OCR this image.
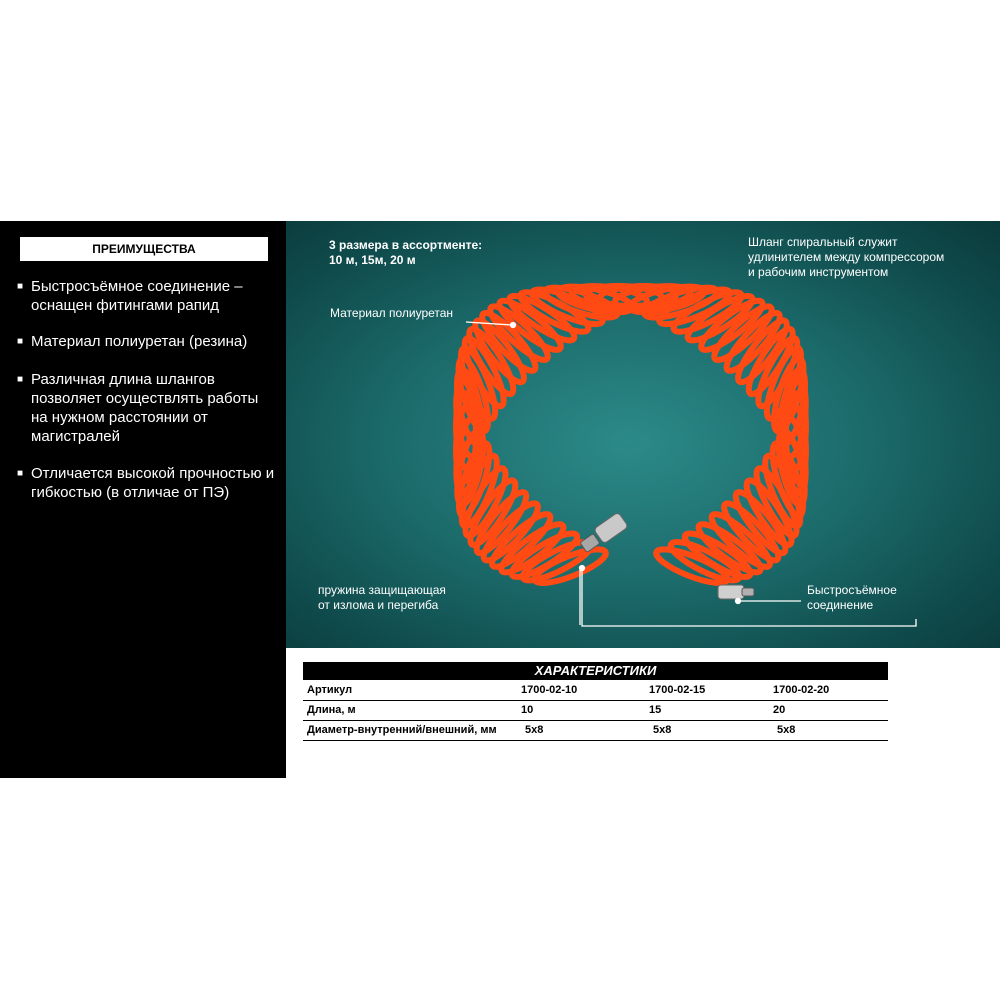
ПРЕИМУЩЕСТВА
■ Быстросъёмное соединение – оснащен фитингами рапид
■ Материал полиуретан (резина)
■ Различная длина шлангов позволяет осуществлять работы на нужном расстоянии от магистралей
■ Отличается высокой прочностью и гибкостью (в отличае от ПЭ)
3 размера в ассортменте:
10 м, 15м, 20 м
Шланг спиральный служит
удлинителем между компрессором
и рабочим инструментом
Материал полиуретан
пружина защищающая
от излома и перегиба
Быстросъёмное
соединение
ХАРАКТЕРИСТИКИ
Артикул	1700-02-10	1700-02-15	1700-02-20
Длина, м	10	15	20
Диаметр-внутренний/внешний, мм	5х8	5х8	5х8
